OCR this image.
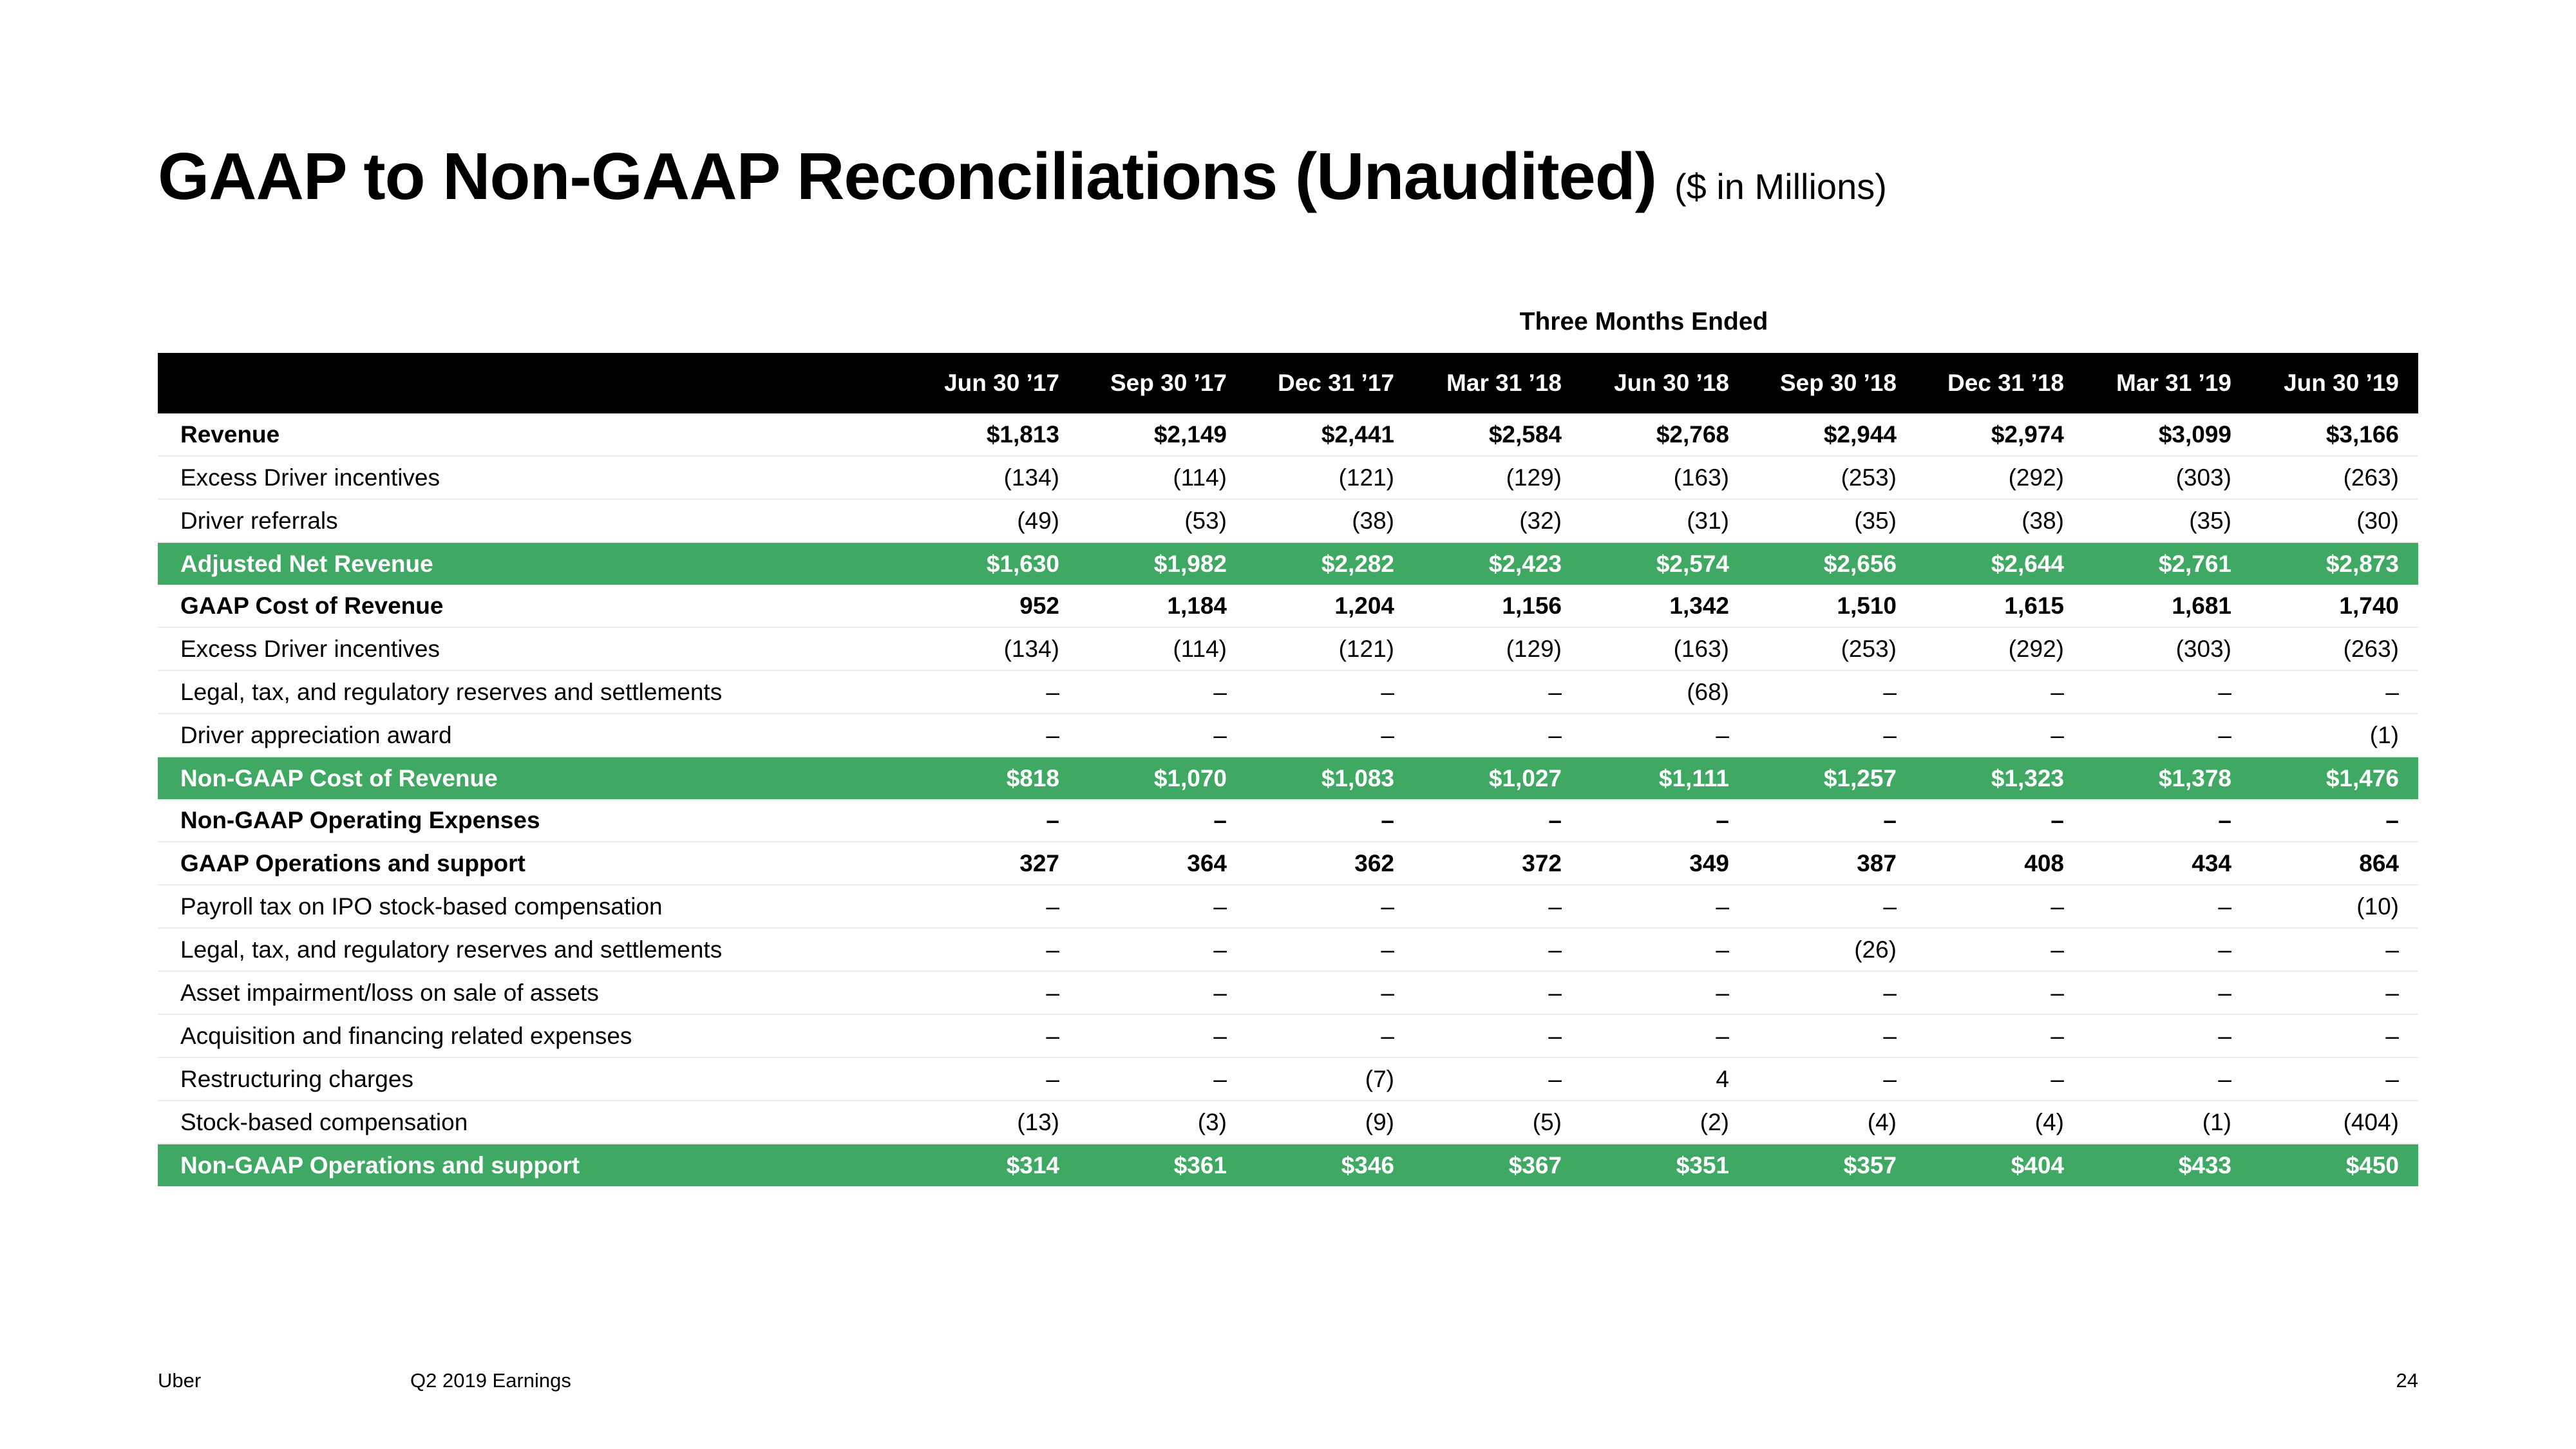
GAAP to Non-GAAP Reconciliations (Unaudited) ($ in Millions)
Three Months Ended
	Jun 30 ’17	Sep 30 ’17	Dec 31 ’17	Mar 31 ’18	Jun 30 ’18	Sep 30 ’18	Dec 31 ’18	Mar 31 ’19	Jun 30 ’19
Revenue	$1,813	$2,149	$2,441	$2,584	$2,768	$2,944	$2,974	$3,099	$3,166
Excess Driver incentives	(134)	(114)	(121)	(129)	(163)	(253)	(292)	(303)	(263)
Driver referrals	(49)	(53)	(38)	(32)	(31)	(35)	(38)	(35)	(30)
Adjusted Net Revenue	$1,630	$1,982	$2,282	$2,423	$2,574	$2,656	$2,644	$2,761	$2,873
GAAP Cost of Revenue	952	1,184	1,204	1,156	1,342	1,510	1,615	1,681	1,740
Excess Driver incentives	(134)	(114)	(121)	(129)	(163)	(253)	(292)	(303)	(263)
Legal, tax, and regulatory reserves and settlements	–	–	–	–	(68)	–	–	–	–
Driver appreciation award	–	–	–	–	–	–	–	–	(1)
Non-GAAP Cost of Revenue	$818	$1,070	$1,083	$1,027	$1,111	$1,257	$1,323	$1,378	$1,476
Non-GAAP Operating Expenses	–	–	–	–	–	–	–	–	–
GAAP Operations and support	327	364	362	372	349	387	408	434	864
Payroll tax on IPO stock-based compensation	–	–	–	–	–	–	–	–	(10)
Legal, tax, and regulatory reserves and settlements	–	–	–	–	–	(26)	–	–	–
Asset impairment/loss on sale of assets	–	–	–	–	–	–	–	–	–
Acquisition and financing related expenses	–	–	–	–	–	–	–	–	–
Restructuring charges	–	–	(7)	–	4	–	–	–	–
Stock-based compensation	(13)	(3)	(9)	(5)	(2)	(4)	(4)	(1)	(404)
Non-GAAP Operations and support	$314	$361	$346	$367	$351	$357	$404	$433	$450
Uber	Q2 2019 Earnings	24
